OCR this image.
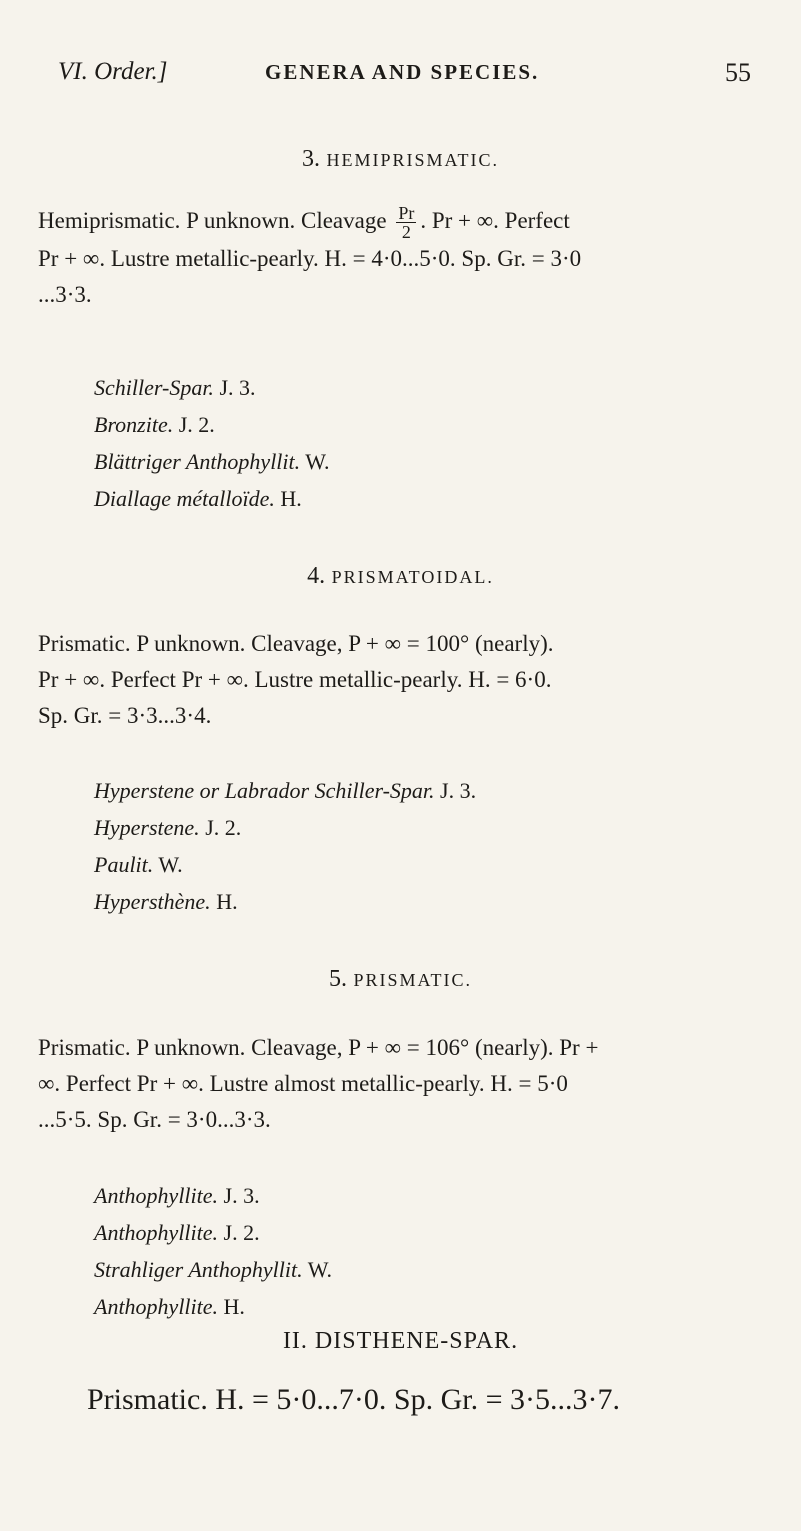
VI. Order.]	GENERA AND SPECIES.	55
3. HEMIPRISMATIC.
Hemiprismatic. P unknown. Cleavage $\frac{Pr}{2}$ . Pr + ∞. Perfect
Pr + ∞. Lustre metallic-pearly. H. = 4·0...5·0. Sp. Gr. = 3·0
...3·3.
Schiller-Spar. J. 3.
Bronzite. J. 2.
Blättriger Anthophyllit. W.
Diallage métalloïde. H.
4. PRISMATOIDAL.
Prismatic. P unknown. Cleavage, P + ∞ = 100° (nearly).
Pr + ∞. Perfect Pr + ∞. Lustre metallic-pearly. H. = 6·0.
Sp. Gr. = 3·3...3·4.
Hyperstene or Labrador Schiller-Spar. J. 3.
Hyperstene. J. 2.
Paulit. W.
Hypersthène. H.
5. PRISMATIC.
Prismatic. P unknown. Cleavage, P + ∞ = 106° (nearly). Pr +
∞. Perfect Pr + ∞. Lustre almost metallic-pearly. H. = 5·0
...5·5. Sp. Gr. = 3·0...3·3.
Anthophyllite. J. 3.
Anthophyllite. J. 2.
Strahliger Anthophyllit. W.
Anthophyllite. H.
II. DISTHENE-SPAR.
Prismatic. H. = 5·0...7·0. Sp. Gr. = 3·5...3·7.
